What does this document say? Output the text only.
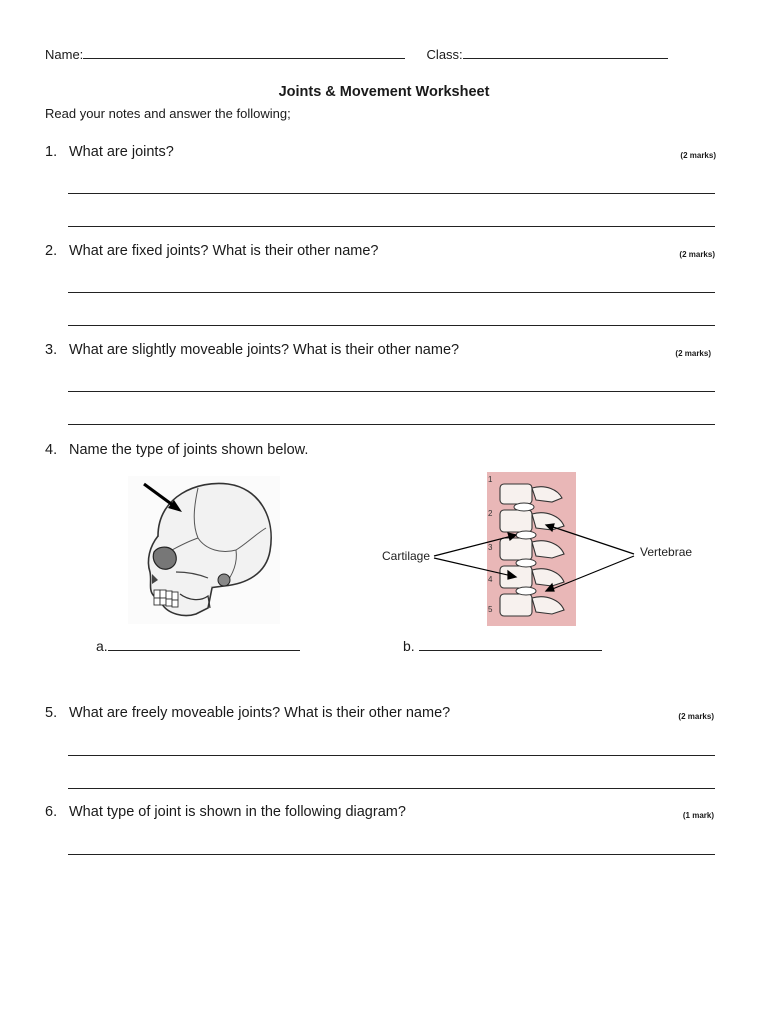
Name:	Class:
Joints & Movement Worksheet
Read your notes and answer the following;
1. What are joints?	(2 marks)
2. What are fixed joints? What is their other name?	(2 marks)
3. What are slightly moveable joints? What is their other name?	(2 marks)
4. Name the type of joints shown below.
1
2
3
4
5
Cartilage	Vertebrae
a.	b.
5. What are freely moveable joints? What is their other name?	(2 marks)
6. What type of joint is shown in the following diagram?	(1 mark)
